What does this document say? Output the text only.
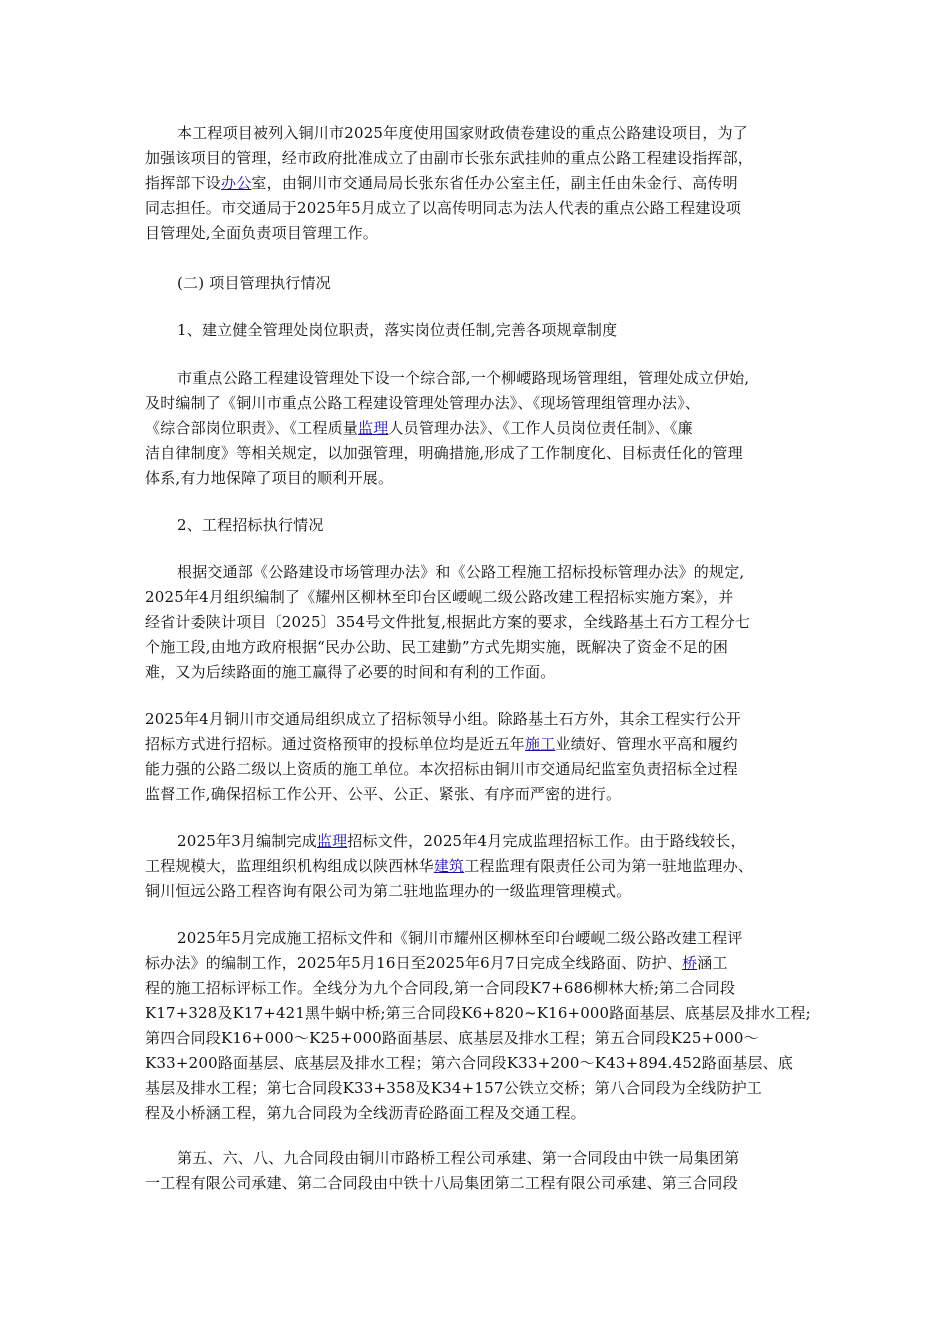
本工程项目被列入铜川市2025年度使用国家财政债卷建设的重点公路建设项目，为了
加强该项目的管理，经市政府批准成立了由副市长张东武挂帅的重点公路工程建设指挥部，
指挥部下设办公室，由铜川市交通局局长张东省任办公室主任，副主任由朱金行、高传明
同志担任。市交通局于2025年5月成立了以高传明同志为法人代表的重点公路工程建设项
目管理处,全面负责项目管理工作。
(二) 项目管理执行情况
1、建立健全管理处岗位职责，落实岗位责任制,完善各项规章制度
市重点公路工程建设管理处下设一个综合部,一个柳崾路现场管理组，管理处成立伊始,
及时编制了《铜川市重点公路工程建设管理处管理办法》、《现场管理组管理办法》、
《综合部岗位职责》、《工程质量监理人员管理办法》、《工作人员岗位责任制》、《廉
洁自律制度》等相关规定，以加强管理，明确措施,形成了工作制度化、目标责任化的管理
体系,有力地保障了项目的顺利开展。
2、工程招标执行情况
根据交通部《公路建设市场管理办法》和《公路工程施工招标投标管理办法》的规定,
2025年4月组织编制了《耀州区柳林至印台区崾岘二级公路改建工程招标实施方案》，并
经省计委陕计项目〔2025〕354号文件批复,根据此方案的要求，全线路基土石方工程分七
个施工段,由地方政府根据“民办公助、民工建勤”方式先期实施，既解决了资金不足的困
难，又为后续路面的施工赢得了必要的时间和有利的工作面。
2025年4月铜川市交通局组织成立了招标领导小组。除路基土石方外，其余工程实行公开
招标方式进行招标。通过资格预审的投标单位均是近五年施工业绩好、管理水平高和履约
能力强的公路二级以上资质的施工单位。本次招标由铜川市交通局纪监室负责招标全过程
监督工作,确保招标工作公开、公平、公正、紧张、有序而严密的进行。
2025年3月编制完成监理招标文件，2025年4月完成监理招标工作。由于路线较长，
工程规模大，监理组织机构组成以陕西林华建筑工程监理有限责任公司为第一驻地监理办、
铜川恒远公路工程咨询有限公司为第二驻地监理办的一级监理管理模式。
2025年5月完成施工招标文件和《铜川市耀州区柳林至印台崾岘二级公路改建工程评
标办法》的编制工作，2025年5月16日至2025年6月7日完成全线路面、防护、桥涵工
程的施工招标评标工作。全线分为九个合同段,第一合同段K7+686柳林大桥;第二合同段
K17+328及K17+421黑牛蜗中桥;第三合同段K6+820~K16+000路面基层、底基层及排水工程;
第四合同段K16+000～K25+000路面基层、底基层及排水工程；第五合同段K25+000～
K33+200路面基层、底基层及排水工程；第六合同段K33+200～K43+894.452路面基层、底
基层及排水工程；第七合同段K33+358及K34+157公铁立交桥；第八合同段为全线防护工
程及小桥涵工程，第九合同段为全线沥青砼路面工程及交通工程。
第五、六、八、九合同段由铜川市路桥工程公司承建、第一合同段由中铁一局集团第
一工程有限公司承建、第二合同段由中铁十八局集团第二工程有限公司承建、第三合同段
